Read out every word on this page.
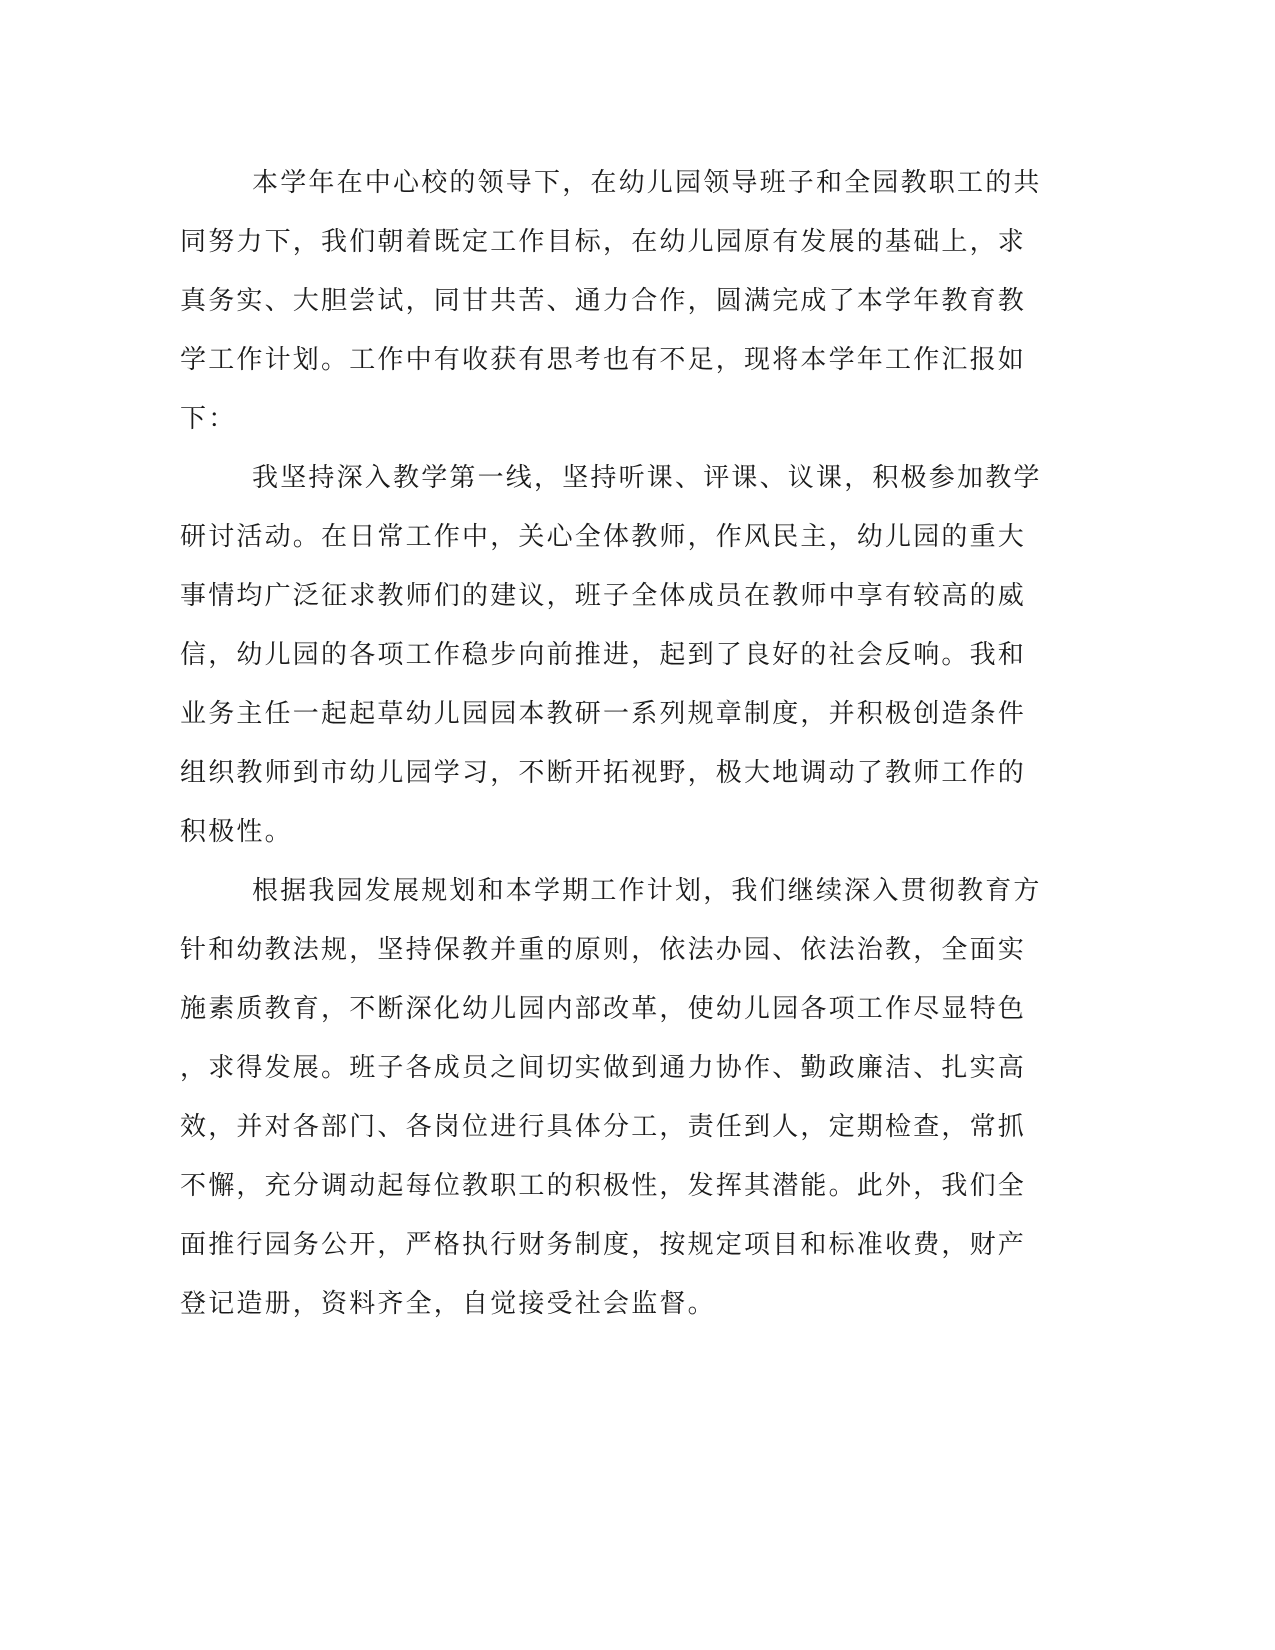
本学年在中心校的领导下，在幼儿园领导班子和全园教职工的共
同努力下，我们朝着既定工作目标，在幼儿园原有发展的基础上，求
真务实、大胆尝试，同甘共苦、通力合作，圆满完成了本学年教育教
学工作计划。工作中有收获有思考也有不足，现将本学年工作汇报如
下：
我坚持深入教学第一线，坚持听课、评课、议课，积极参加教学
研讨活动。在日常工作中，关心全体教师，作风民主，幼儿园的重大
事情均广泛征求教师们的建议，班子全体成员在教师中享有较高的威
信，幼儿园的各项工作稳步向前推进，起到了良好的社会反响。我和
业务主任一起起草幼儿园园本教研一系列规章制度，并积极创造条件
组织教师到市幼儿园学习，不断开拓视野，极大地调动了教师工作的
积极性。
根据我园发展规划和本学期工作计划，我们继续深入贯彻教育方
针和幼教法规，坚持保教并重的原则，依法办园、依法治教，全面实
施素质教育，不断深化幼儿园内部改革，使幼儿园各项工作尽显特色
，求得发展。班子各成员之间切实做到通力协作、勤政廉洁、扎实高
效，并对各部门、各岗位进行具体分工，责任到人，定期检查，常抓
不懈，充分调动起每位教职工的积极性，发挥其潜能。此外，我们全
面推行园务公开，严格执行财务制度，按规定项目和标准收费，财产
登记造册，资料齐全，自觉接受社会监督。
